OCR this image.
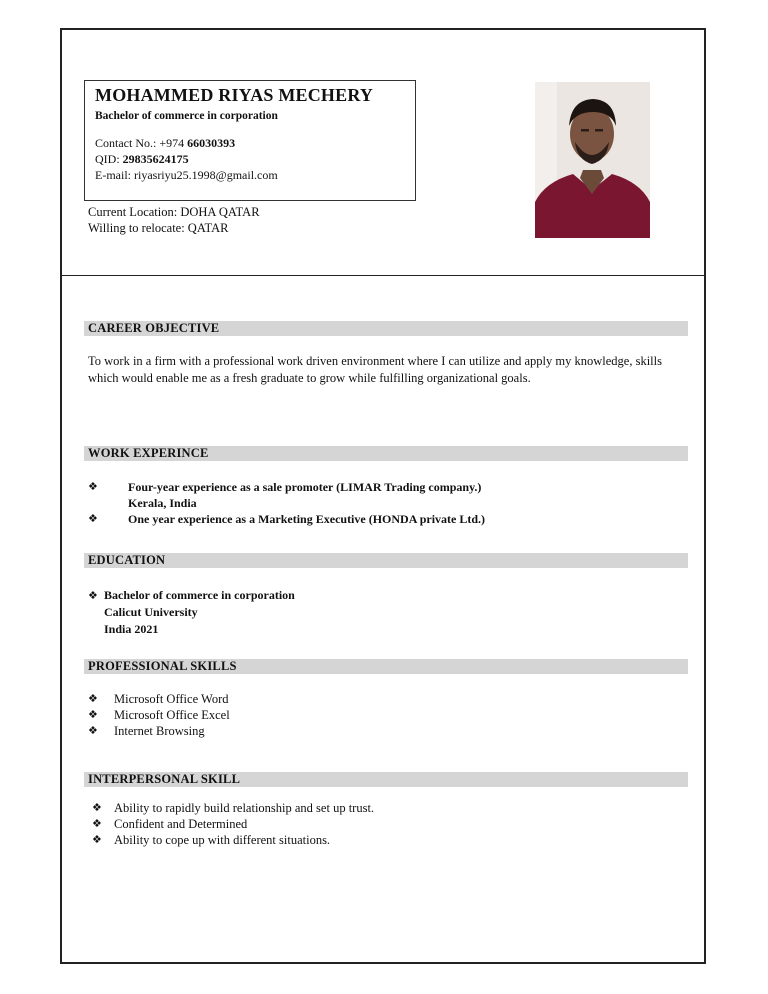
MOHAMMED RIYAS MECHERY
Bachelor of commerce in corporation
Contact No.: +974 66030393
QID: 29835624175
E-mail: riyasriyu25.1998@gmail.com
Current Location: DOHA QATAR
Willing to relocate: QATAR
CAREER OBJECTIVE
To work in a firm with a professional work driven environment where I can utilize and apply my knowledge, skills which would enable me as a fresh graduate to grow while fulfilling organizational goals.
WORK EXPERINCE
❖	Four-year experience as a sale promoter (LIMAR Trading company.)
Kerala, India
❖	One year experience as a Marketing Executive (HONDA private Ltd.)
EDUCATION
❖ Bachelor of commerce in corporation
Calicut University
India 2021
PROFESSIONAL SKILLS
❖	Microsoft Office Word
❖	Microsoft Office Excel
❖	Internet Browsing
INTERPERSONAL SKILL
❖ Ability to rapidly build relationship and set up trust.
❖ Confident and Determined
❖ Ability to cope up with different situations.
